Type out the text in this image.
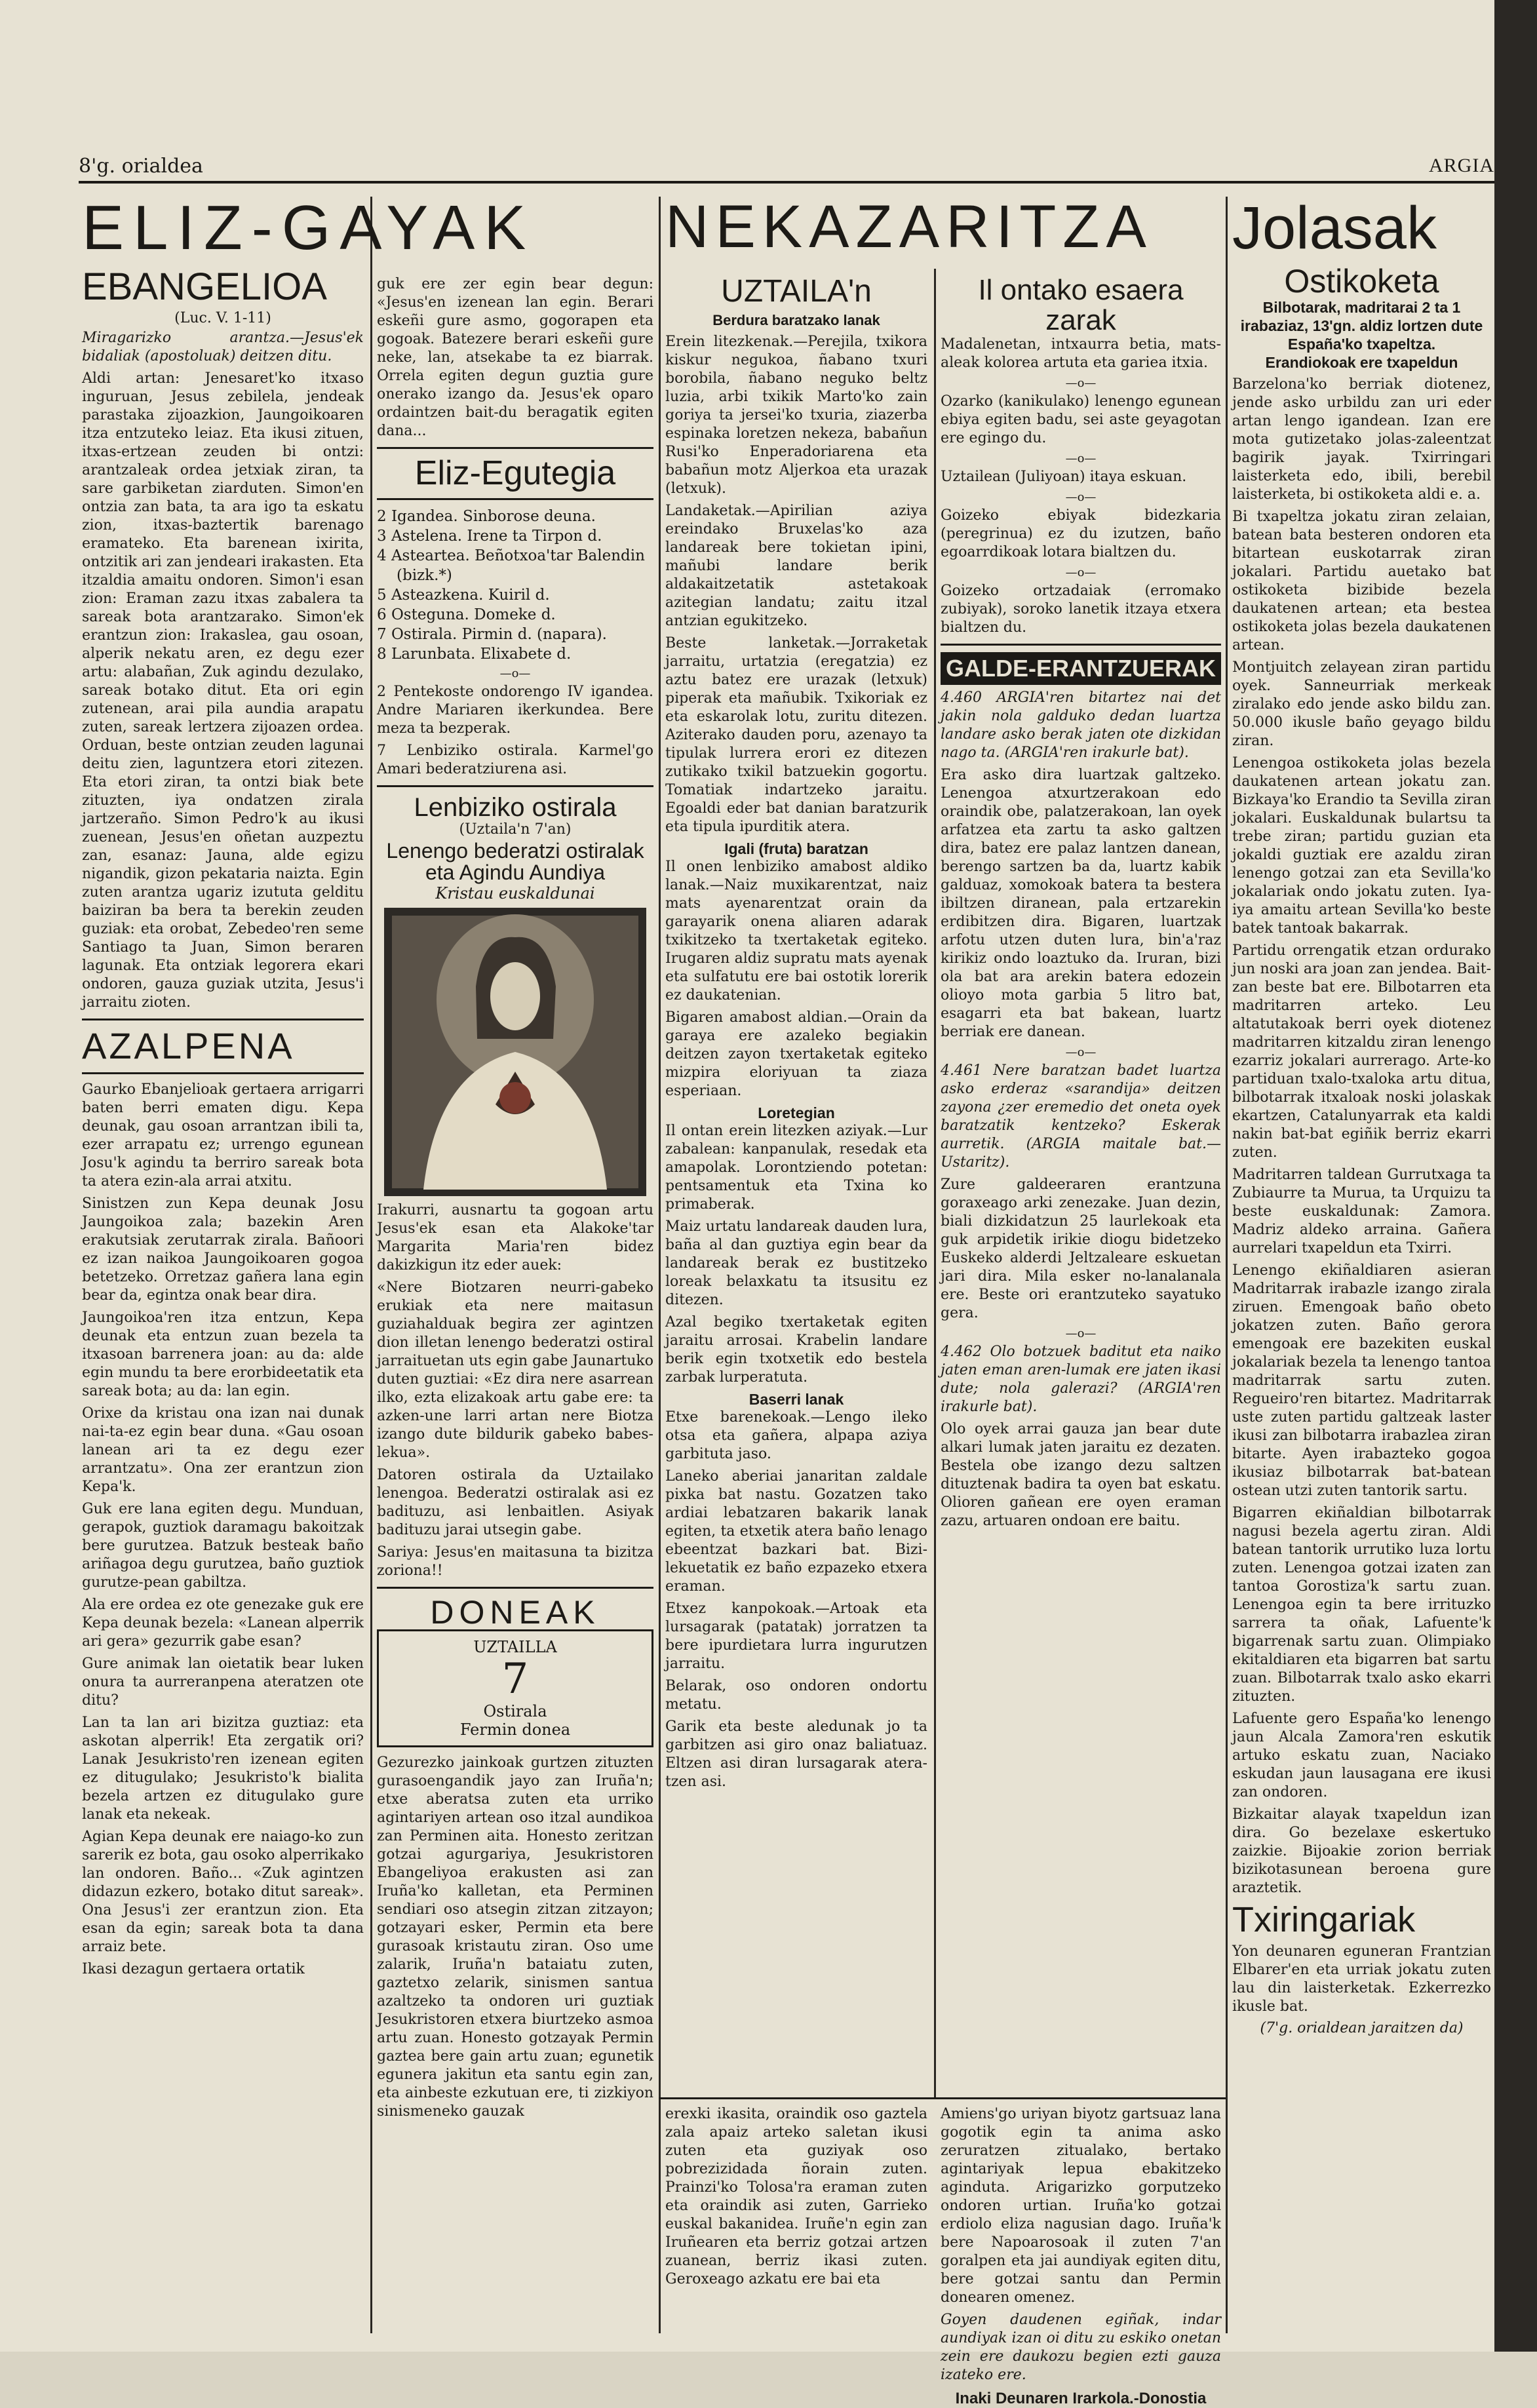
8'g. orialdea	ARGIA
ELIZ-GAYAK
EBANGELIOA
(Luc. V. 1-11)

Miragarizko arantza.—Jesus'ek bidaliak (apostoluak) deitzen ditu.

Aldi artan: Jenesaret'ko itxaso inguruan, Jesus zebilela, jendeak parastaka zijoazkion, Jaungoikoaren itza entzuteko leiaz. Eta ikusi zituen, itxas-ertzean zeuden bi ontzi: arantzaleak ordea jetxiak ziran, ta sare garbiketan ziarduten. Simon'en ontzia zan bata, ta ara igo ta eskatu zion, itxas-baztertik barenago eramateko. Eta barenean ixirita, ontzitik ari zan jendeari irakasten. Eta itzaldia amaitu ondoren. Simon'i esan zion: Eraman zazu itxas zabalera ta sareak bota arantzarako. Simon'ek erantzun zion: Irakaslea, gau osoan, alperik nekatu aren, ez degu ezer artu: alabañan, Zuk agindu dezulako, sareak botako ditut. Eta ori egin zutenean, arai pila aundia arapatu zuten, sareak lertzera zijoazen ordea. Orduan, beste ontzian zeuden lagunai deitu zien, laguntzera etori zitezen. Eta etori ziran, ta ontzi biak bete zituzten, iya ondatzen zirala jartzeraño. Simon Pedro'k au ikusi zuenean, Jesus'en oñetan auzpeztu zan, esanaz: Jauna, alde egizu nigandik, gizon pekataria naizta. Egin zuten arantza ugariz izututa gelditu baiziran ba bera ta berekin zeuden guziak: eta orobat, Zebedeo'ren seme Santiago ta Juan, Simon beraren lagunak. Eta ontziak legorera ekari ondoren, gauza guziak utzita, Jesus'i jarraitu zioten.

AZALPENA

Gaurko Ebanjelioak gertaera arrigarri baten berri ematen digu. Kepa deunak, gau osoan arrantzan ibili ta, ezer arrapatu ez; urrengo egunean Josu'k agindu ta berriro sareak bota ta atera ezin-ala arrai atxitu.

Sinistzen zun Kepa deunak Josu Jaungoikoa zala; bazekin Aren erakutsiak zerutarrak zirala. Bañoori ez izan naikoa Jaungoikoaren gogoa betetzeko. Orretzaz gañera lana egin bear da, egintza onak bear dira.

Jaungoikoa'ren itza entzun, Kepa deunak eta entzun zuan bezela ta itxasoan barrenera joan: au da: alde egin mundu ta bere erorbideetatik eta sareak bota; au da: lan egin.

Orixe da kristau ona izan nai dunak nai-ta-ez egin bear duna. «Gau osoan lanean ari ta ez degu ezer arrantzatu». Ona zer erantzun zion Kepa'k.

Guk ere lana egiten degu. Munduan, gerapok, guztiok daramagu bakoitzak bere gurutzea. Batzuk besteak baño ariñagoa degu gurutzea, baño guztiok gurutze-pean gabiltza.

Ala ere ordea ez ote genezake guk ere Kepa deunak bezela: «Lanean alperrik ari gera» gezurrik gabe esan?

Gure animak lan oietatik bear luken onura ta aurreranpena ateratzen ote ditu?

Lan ta lan ari bizitza guztiaz: eta askotan alperrik! Eta zergatik ori? Lanak Jesukristo'ren izenean egiten ez ditugulako; Jesukristo'k bialita bezela artzen ez ditugulako gure lanak eta nekeak.

Agian Kepa deunak ere naiago-ko zun sarerik ez bota, gau osoko alperrikako lan ondoren. Baño... «Zuk agintzen didazun ezkero, botako ditut sareak». Ona Jesus'i zer erantzun zion. Eta esan da egin; sareak bota ta dana arraiz bete.

Ikasi dezagun gertaera ortatik

guk ere zer egin bear degun: «Jesus'en izenean lan egin. Berari eskeñi gure asmo, gogorapen eta gogoak. Batezere berari eskeñi gure neke, lan, atsekabe ta ez biarrak. Orrela egiten degun guztia gure onerako izango da. Jesus'ek oparo ordaintzen bait-du beragatik egiten dana...

Eliz-Egutegia
2 Igandea. Sinborose deuna.
3 Astelena. Irene ta Tirpon d.
4 Asteartea. Beñotxoa'tar Balendin (bizk.*)
5 Asteazkena. Kuiril d.
6 Osteguna. Domeke d.
7 Ostirala. Pirmin d. (napara).
8 Larunbata. Elixabete d.
—o—

2 Pentekoste ondorengo IV igandea. Andre Mariaren ikerkundea. Bere meza ta bezperak.

7 Lenbiziko ostirala. Karmel'go Amari bederatziurena asi.

Lenbiziko ostirala
(Uztaila'n 7'an)
Lenengo bederatzi ostiralak eta Agindu Aundiya
Kristau euskaldunai

Irakurri, ausnartu ta gogoan artu Jesus'ek esan eta Alakoke'tar Margarita Maria'ren bidez dakizkigun itz eder auek:

«Nere Biotzaren neurri-gabeko erukiak eta nere maitasun guziahalduak begira zer agintzen dion illetan lenengo bederatzi ostiral jarraituetan uts egin gabe Jaunartuko duten guztiai: «Ez dira nere asarrean ilko, ezta elizakoak artu gabe ere: ta azken-une larri artan nere Biotza izango dute bildurik gabeko babes-lekua».

Datoren ostirala da Uztailako lenengoa. Bederatzi ostiralak asi ez badituzu, asi lenbaitlen. Asiyak badituzu jarai utsegin gabe.

Sariya: Jesus'en maitasuna ta bizitza zoriona!!

DONEAK
UZTAILLA
7
Ostirala
Fermin donea

Gezurezko jainkoak gurtzen zituzten gurasoengandik jayo zan Iruña'n; etxe aberatsa zuten eta urriko agintariyen artean oso itzal aundikoa zan Perminen aita. Honesto zeritzan gotzai agurgariya, Jesukristoren Ebangeliyoa erakusten asi zan Iruña'ko kalletan, eta Perminen sendiari oso atsegin zitzan zitzayon; gotzayari esker, Permin eta bere gurasoak kristautu ziran. Oso ume zalarik, Iruña'n bataiatu zuten, gaztetxo zelarik, sinismen santua azaltzeko ta ondoren uri guztiak Jesukristoren etxera biurtzeko asmoa artu zuan. Honesto gotzayak Permin gaztea bere gain artu zuan; egunetik egunera jakitun eta santu egin zan, eta ainbeste ezkutuan ere, ti zizkiyon sinismeneko gauzak

NEKAZARITZA
UZTAILA'n
Berdura baratzako lanak

Erein litezkenak.—Perejila, txikora kiskur negukoa, ñabano txuri borobila, ñabano neguko beltz luzia, arbi txikik Marto'ko zain goriya ta jersei'ko txuria, ziazerba espinaka loretzen nekeza, babañun Rusi'ko Enperadoriarena eta babañun motz Aljerkoa eta urazak (letxuk).

Landaketak.—Apirilian aziya ereindako Bruxelas'ko aza landareak bere tokietan ipini, mañubi landare berik aldakaitzetatik astetakoak azitegian landatu; zaitu itzal antzian egukitzeko.

Beste lanketak.—Jorraketak jarraitu, urtatzia (eregatzia) ez aztu batez ere urazak (letxuk) piperak eta mañubik. Txikoriak ez eta eskarolak lotu, zuritu ditezen. Aziterako dauden poru, azenayo ta tipulak lurrera erori ez ditezen zutikako txikil batzuekin gogortu. Tomatiak indartzeko jaraitu. Egoaldi eder bat danian baratzurik eta tipula ipurditik atera.

Igali (fruta) baratzan

Il onen lenbiziko amabost aldiko lanak.—Naiz muxikarentzat, naiz mats ayenarentzat orain da garayarik onena aliaren adarak txikitzeko ta txertaketak egiteko. Irugaren aldiz supratu mats ayenak eta sulfatutu ere bai ostotik lorerik ez daukatenian.

Bigaren amabost aldian.—Orain da garaya ere azaleko begiakin deitzen zayon txertaketak egiteko mizpira eloriyuan ta ziaza esperiaan.

Loretegian

Il ontan erein litezken aziyak.—Lur zabalean: kanpanulak, resedak eta amapolak. Lorontziendo potetan: pentsamentuk eta Txina ko primaberak.

Maiz urtatu landareak dauden lura, baña al dan guztiya egin bear da landareak berak ez bustitzeko loreak belaxkatu ta itsusitu ez ditezen.

Azal begiko txertaketak egiten jaraitu arrosai. Krabelin landare berik egin txotxetik edo bestela zarbak lurperatuta.

Baserri lanak

Etxe barenekoak.—Lengo ileko otsa eta gañera, alpapa aziya garbituta jaso.

Laneko aberiai janaritan zaldale pixka bat nastu. Gozatzen tako ardiai lebatzaren bakarik lanak egiten, ta etxetik atera baño lenago ebeentzat bazkari bat. Bizi-lekuetatik ez baño ezpazeko etxera eraman.

Etxez kanpokoak.—Artoak eta lursagarak (patatak) jorratzen ta bere ipurdietara lurra ingurutzen jarraitu.

Belarak, oso ondoren ondortu metatu.

Garik eta beste aledunak jo ta garbitzen asi giro onaz baliatuaz. Eltzen asi diran lursagarak atera-tzen asi.

Il ontako esaera zarak

Madalenetan, intxaurra betia, mats-aleak kolorea artuta eta gariea itxia.

—o—

Ozarko (kanikulako) lenengo egunean ebiya egiten badu, sei aste geyagotan ere egingo du.

—o—

Uztailean (Juliyoan) itaya eskuan.

—o—

Goizeko ebiyak bidezkaria (peregrinua) ez du izutzen, baño egoarrdikoak lotara bialtzen du.

—o—

Goizeko ortzadaiak (erromako zubiyak), soroko lanetik itzaya etxera bialtzen du.

GALDE-ERANTZUERAK

4.460 ARGIA'ren bitartez nai det jakin nola galduko dedan luartza landare asko berak jaten ote dizkidan nago ta. (ARGIA'ren irakurle bat).

Era asko dira luartzak galtzeko. Lenengoa atxurtzerakoan edo oraindik obe, palatzerakoan, lan oyek arfatzea eta zartu ta asko galtzen dira, batez ere palaz lantzen danean, berengo sartzen ba da, luartz kabik galduaz, xomokoak batera ta bestera ibiltzen diranean, pala ertzarekin erdibitzen dira. Bigaren, luartzak arfotu utzen duten lura, bin'a'raz kirikiz ondo loaztuko da. Iruran, bizi ola bat ara arekin batera edozein olioyo mota garbia 5 litro bat, esagarri eta bat bakean, luartz berriak ere danean.

—o—

4.461 Nere baratzan badet luartza asko erderaz «sarandija» deitzen zayona ¿zer eremedio det oneta oyek baratzatik kentzeko? Eskerak aurretik. (ARGIA maitale bat.—Ustaritz).

Zure galdeeraren erantzuna goraxeago arki zenezake. Juan dezin, biali dizkidatzun 25 laurlekoak eta guk arpidetik irikie diogu bidetzeko Euskeko alderdi Jeltzaleare eskuetan jari dira. Mila esker no-lanalanala ere. Beste ori erantzuteko sayatuko gera.

—o—

4.462 Olo botzuek baditut eta naiko jaten eman aren-lumak ere jaten ikasi dute; nola galerazi? (ARGIA'ren irakurle bat).

Olo oyek arrai gauza jan bear dute alkari lumak jaten jaraitu ez dezaten. Bestela obe izango dezu saltzen dituztenak badira ta oyen bat eskatu. Olioren gañean ere oyen eraman zazu, artuaren ondoan ere baitu.

erexki ikasita, oraindik oso gaztela zala apaiz arteko saletan ikusi zuten eta guziyak oso pobrezizidada ñorain zuten. Prainzi'ko Tolosa'ra eraman zuten eta oraindik asi zuten, Garrieko euskal bakanidea. Iruñe'n egin zan Iruñearen eta berriz gotzai artzen zuanean, berriz ikasi zuten. Geroxeago azkatu ere bai eta

Amiens'go uriyan biyotz gartsuaz lana gogotik egin ta anima asko zeruratzen zitualako, bertako agintariyak lepua ebakitzeko aginduta. Arigarizko gorputzeko ondoren urtian. Iruña'ko gotzai erdiolo eliza nagusian dago. Iruña'k bere Napoarosoak il zuten 7'an goralpen eta jai aundiyak egiten ditu, bere gotzai santu dan Permin donearen omenez.

Goyen daudenen egiñak, indar aundiyak izan oi ditu zu eskiko onetan zein ere daukozu begien ezti gauza izateko ere.

Inaki Deunaren Irarkola.-Donostia
Jolasak
Ostikoketa
Bilbotarak, madritarai 2 ta 1 irabaziaz, 13'gn. aldiz lortzen dute España'ko txapeltza.
Erandiokoak ere txapeldun

Barzelona'ko berriak diotenez, jende asko urbildu zan uri eder artan lengo igandean. Izan ere mota gutizetako jolas-zaleentzat bagirik jayak. Txirringari laisterketa edo, ibili, berebil laisterketa, bi ostikoketa aldi e. a.

Bi txapeltza jokatu ziran zelaian, batean bata besteren ondoren eta bitartean euskotarrak ziran jokalari. Partidu auetako bat ostikoketa bizibide bezela daukatenen artean; eta bestea ostikoketa jolas bezela daukatenen artean.

Montjuitch zelayean ziran partidu oyek. Sanneurriak merkeak ziralako edo jende asko bildu zan. 50.000 ikusle baño geyago bildu ziran.

Lenengoa ostikoketa jolas bezela daukatenen artean jokatu zan. Bizkaya'ko Erandio ta Sevilla ziran jokalari. Euskaldunak bulartsu ta trebe ziran; partidu guzian eta jokaldi guztiak ere azaldu ziran lenengo gotzai zan eta Sevilla'ko jokalariak ondo jokatu zuten. Iya-iya amaitu artean Sevilla'ko beste batek tantoak bakarrak.

Partidu orrengatik etzan ordurako jun noski ara joan zan jendea. Bait-zan beste bat ere. Bilbotarren eta madritarren arteko. Leu altatutakoak berri oyek diotenez madritarren kitzaldu ziran lenengo ezarriz jokalari aurrerago. Arte-ko partiduan txalo-txaloka artu ditua, bilbotarrak itxaloak noski jolaskak ekartzen, Catalunyarrak eta kaldi nakin bat-bat egiñik berriz ekarri zuten.

Madritarren taldean Gurrutxaga ta Zubiaurre ta Murua, ta Urquizu ta beste euskaldunak: Zamora. Madriz aldeko arraina. Gañera aurrelari txapeldun eta Txirri.

Lenengo ekiñaldiaren asieran Madritarrak irabazle izango zirala ziruen. Emengoak baño obeto jokatzen zuten. Baño gerora emengoak ere bazekiten euskal jokalariak bezela ta lenengo tantoa madritarrak sartu zuten. Regueiro'ren bitartez. Madritarrak uste zuten partidu galtzeak laster ikusi zan bilbotarra irabazlea ziran bitarte. Ayen irabazteko gogoa ikusiaz bilbotarrak bat-batean ostean utzi zuten tantorik sartu.

Bigarren ekiñaldian bilbotarrak nagusi bezela agertu ziran. Aldi batean tantorik urrutiko luza lortu zuten. Lenengoa gotzai izaten zan tantoa Gorostiza'k sartu zuan. Lenengoa egin ta bere irrituzko sarrera ta oñak, Lafuente'k bigarrenak sartu zuan. Olimpiako ekitaldiaren eta bigarren bat sartu zuan. Bilbotarrak txalo asko ekarri zituzten.

Lafuente gero España'ko lenengo jaun Alcala Zamora'ren eskutik artuko eskatu zuan, Naciako eskudan jaun lausagana ere ikusi zan ondoren.

Bizkaitar alayak txapeldun izan dira. Go bezelaxe eskertuko zaizkie. Bijoakie zorion berriak bizikotasunean beroena gure araztetik.

Txiringariak

Yon deunaren eguneran Frantzian Elbarer'en eta urriak jokatu zuten lau din laisterketak. Ezkerrezko ikusle bat.

(7'g. orialdean jaraitzen da)
